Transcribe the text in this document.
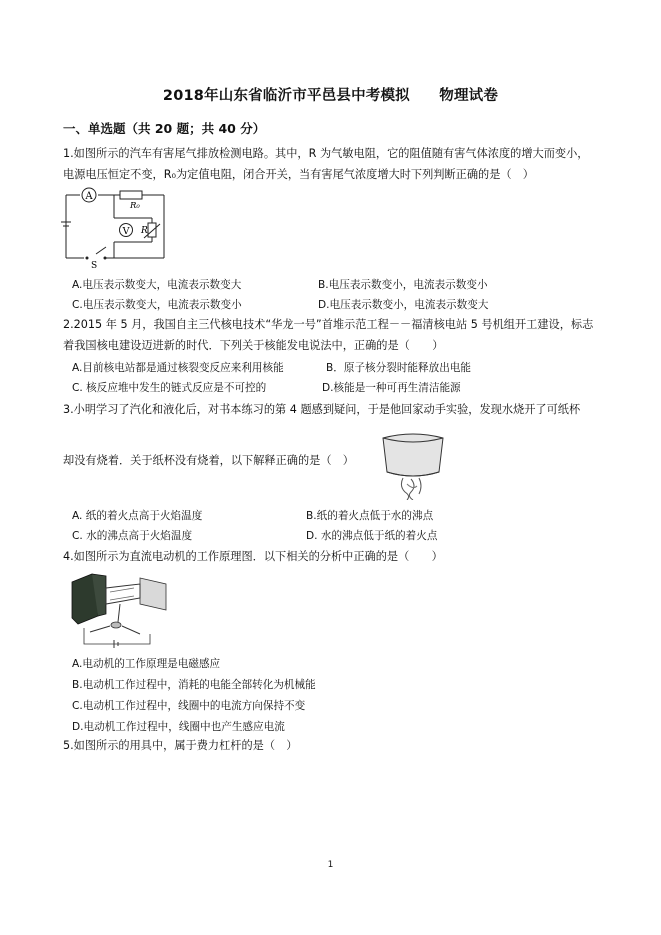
2018年山东省临沂市平邑县中考模拟　　物理试卷
一、单选题（共 20 题；共 40 分）
1.如图所示的汽车有害尾气排放检测电路。其中，R 为气敏电阻，它的阻值随有害气体浓度的增大而变小，
电源电压恒定不变，R₀为定值电阻，闭合开关，当有害尾气浓度增大时下列判断正确的是（　）
A
V
R₀
R
S
A.电压表示数变大，电流表示数变大	B.电压表示数变小，电流表示数变小
C.电压表示数变大，电流表示数变小	D.电压表示数变小，电流表示数变大
2.2015 年 5 月，我国自主三代核电技术“华龙一号”首堆示范工程－－福清核电站 5 号机组开工建设，标志
着我国核电建设迈进新的时代．下列关于核能发电说法中，正确的是（　　）
A.目前核电站都是通过核裂变反应来利用核能	B．原子核分裂时能释放出电能
C. 核反应堆中发生的链式反应是不可控的	D.核能是一种可再生清洁能源
3.小明学习了汽化和液化后，对书本练习的第 4 题感到疑问，于是他回家动手实验，发现水烧开了可纸杯
却没有烧着．关于纸杯没有烧着，以下解释正确的是（　）
A. 纸的着火点高于火焰温度	B.纸的着火点低于水的沸点
C. 水的沸点高于火焰温度	D. 水的沸点低于纸的着火点
4.如图所示为直流电动机的工作原理图．以下相关的分析中正确的是（　　）
A.电动机的工作原理是电磁感应
B.电动机工作过程中，消耗的电能全部转化为机械能
C.电动机工作过程中，线圈中的电流方向保持不变
D.电动机工作过程中，线圈中也产生感应电流
5.如图所示的用具中，属于费力杠杆的是（　）
1
